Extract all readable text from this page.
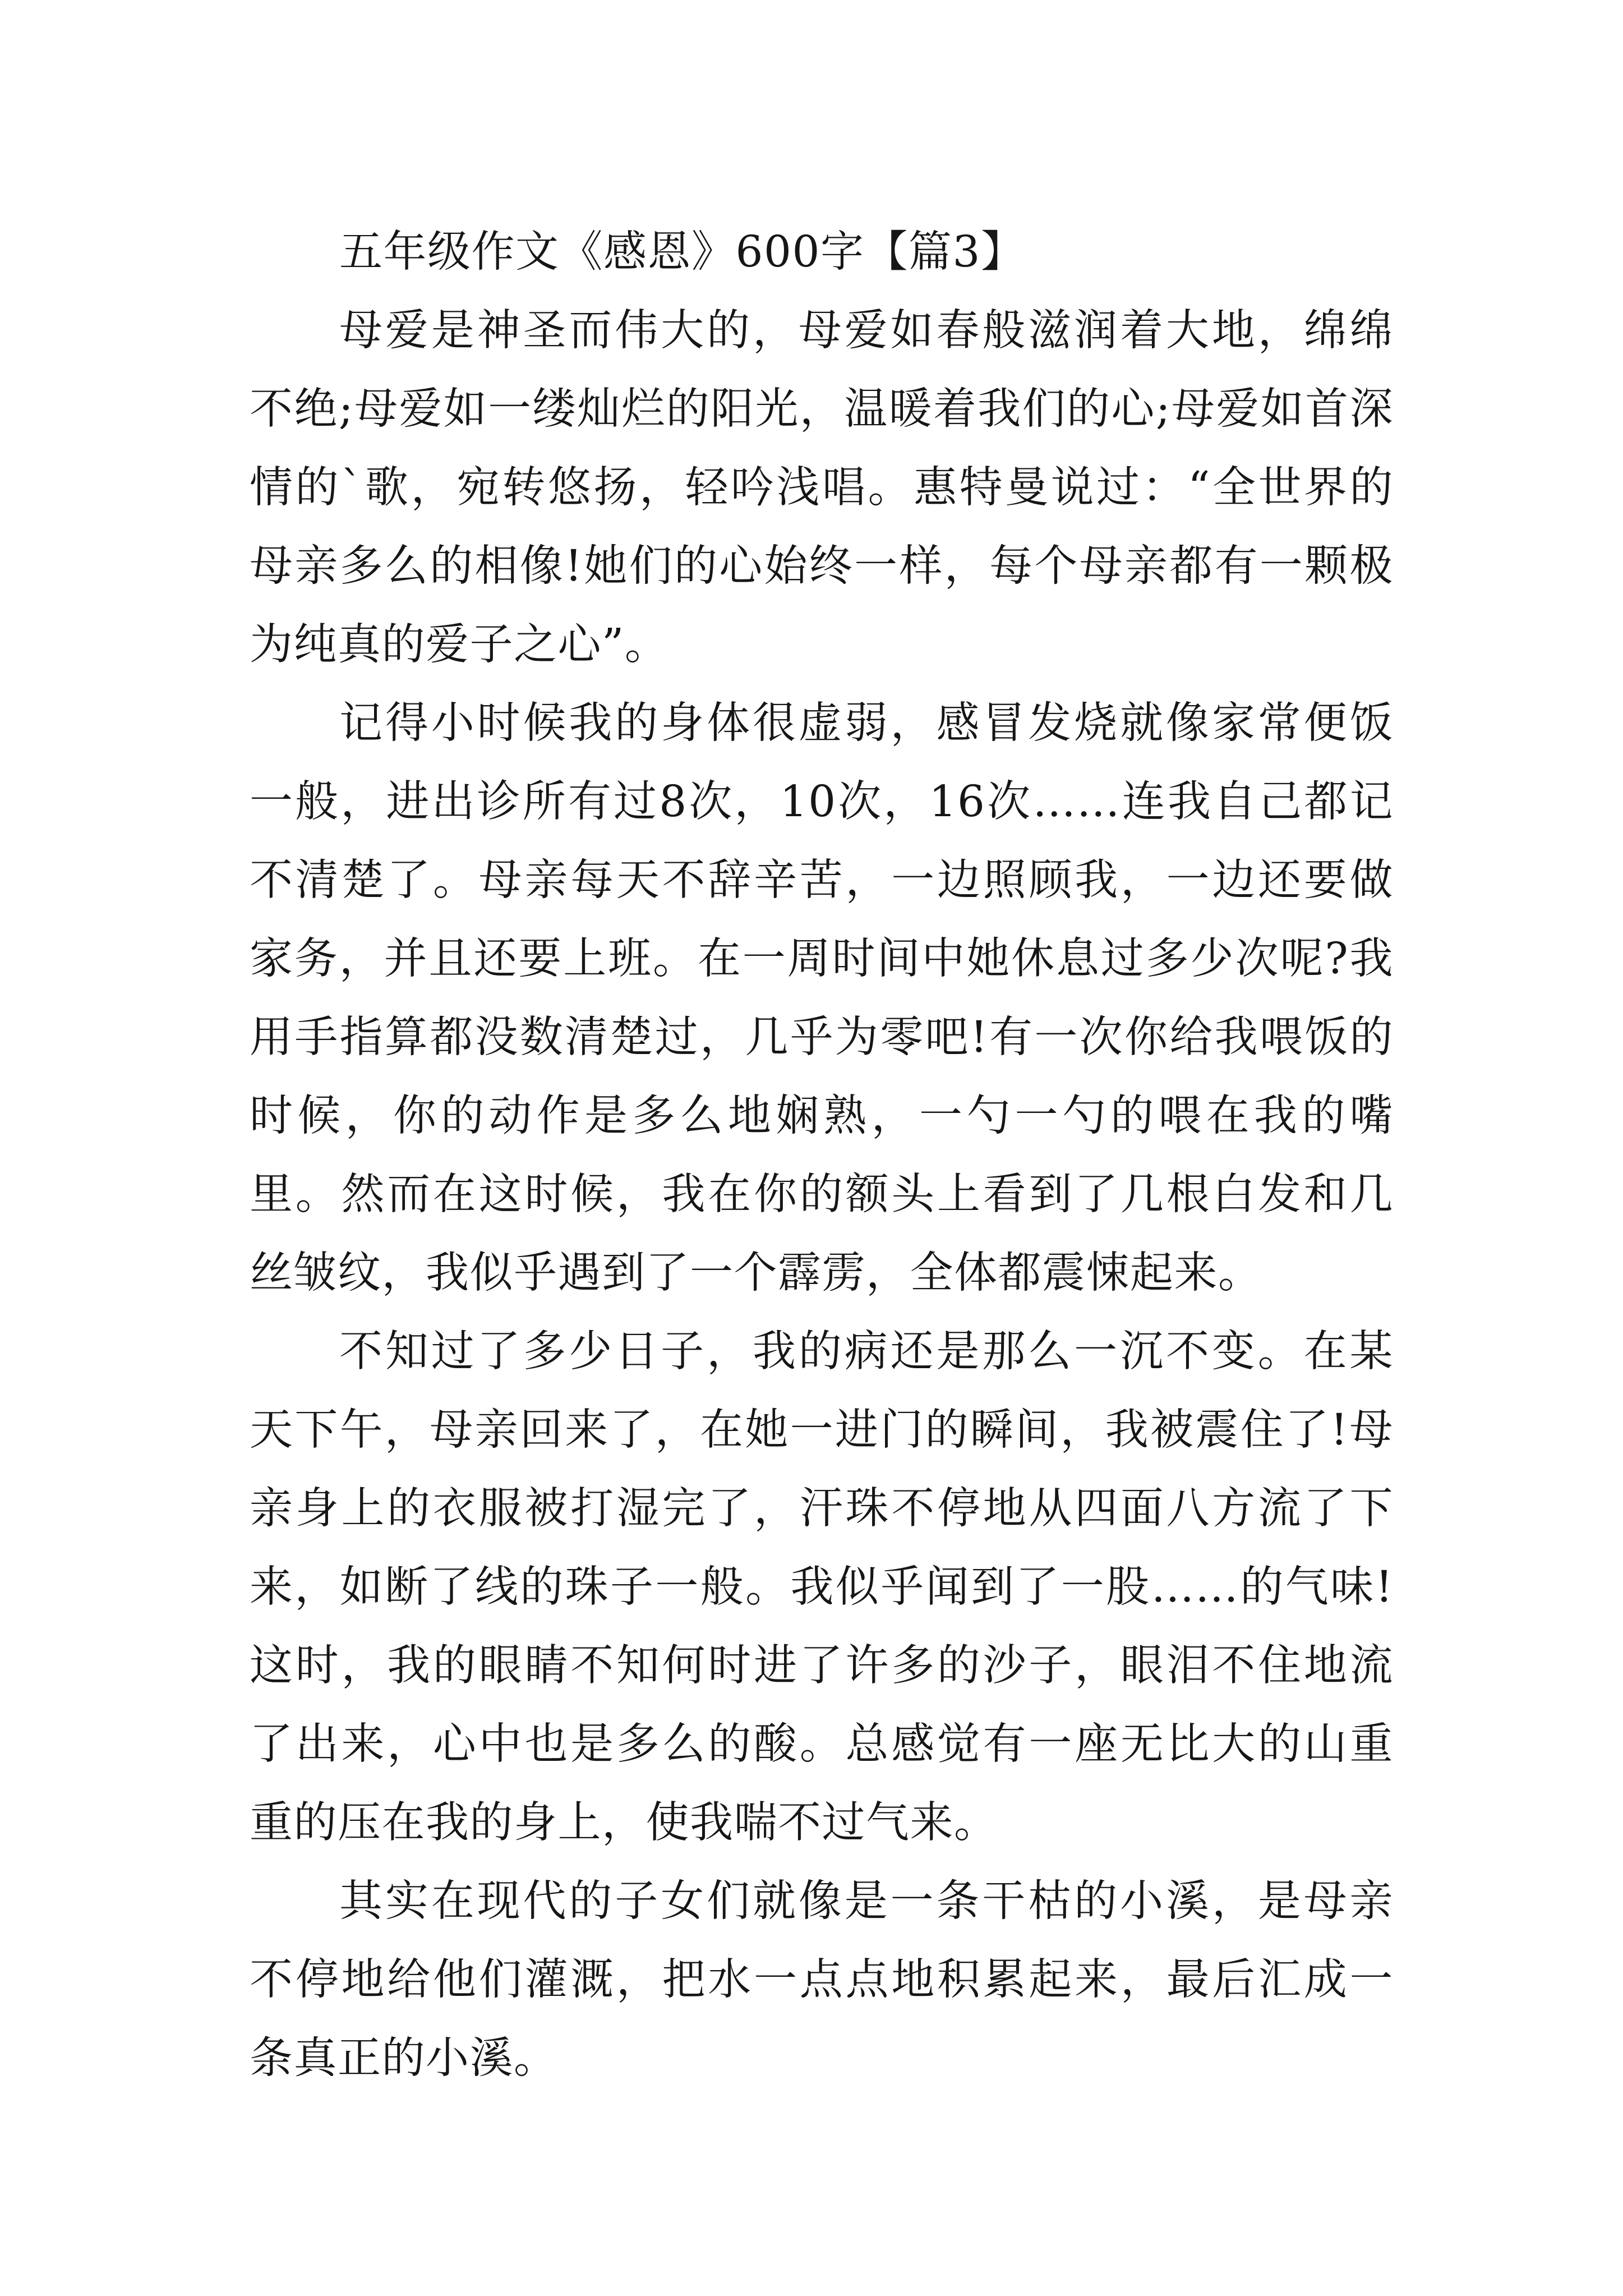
五年级作文《感恩》600字【篇3】

母爱是神圣而伟大的，母爱如春般滋润着大地，绵绵不绝;母爱如一缕灿烂的阳光，温暖着我们的心;母爱如首深情的`歌，宛转悠扬，轻吟浅唱。惠特曼说过：“全世界的母亲多么的相像!她们的心始终一样，每个母亲都有一颗极为纯真的爱子之心”。

记得小时候我的身体很虚弱，感冒发烧就像家常便饭一般，进出诊所有过8次，10次，16次……连我自己都记不清楚了。母亲每天不辞辛苦，一边照顾我，一边还要做家务，并且还要上班。在一周时间中她休息过多少次呢?我用手指算都没数清楚过，几乎为零吧!有一次你给我喂饭的时候，你的动作是多么地娴熟，一勺一勺的喂在我的嘴里。然而在这时候，我在你的额头上看到了几根白发和几丝皱纹，我似乎遇到了一个霹雳，全体都震悚起来。

不知过了多少日子，我的病还是那么一沉不变。在某天下午，母亲回来了，在她一进门的瞬间，我被震住了!母亲身上的衣服被打湿完了，汗珠不停地从四面八方流了下来，如断了线的珠子一般。我似乎闻到了一股……的气味!这时，我的眼睛不知何时进了许多的沙子，眼泪不住地流了出来，心中也是多么的酸。总感觉有一座无比大的山重重的压在我的身上，使我喘不过气来。

其实在现代的子女们就像是一条干枯的小溪，是母亲不停地给他们灌溉，把水一点点地积累起来，最后汇成一条真正的小溪。
